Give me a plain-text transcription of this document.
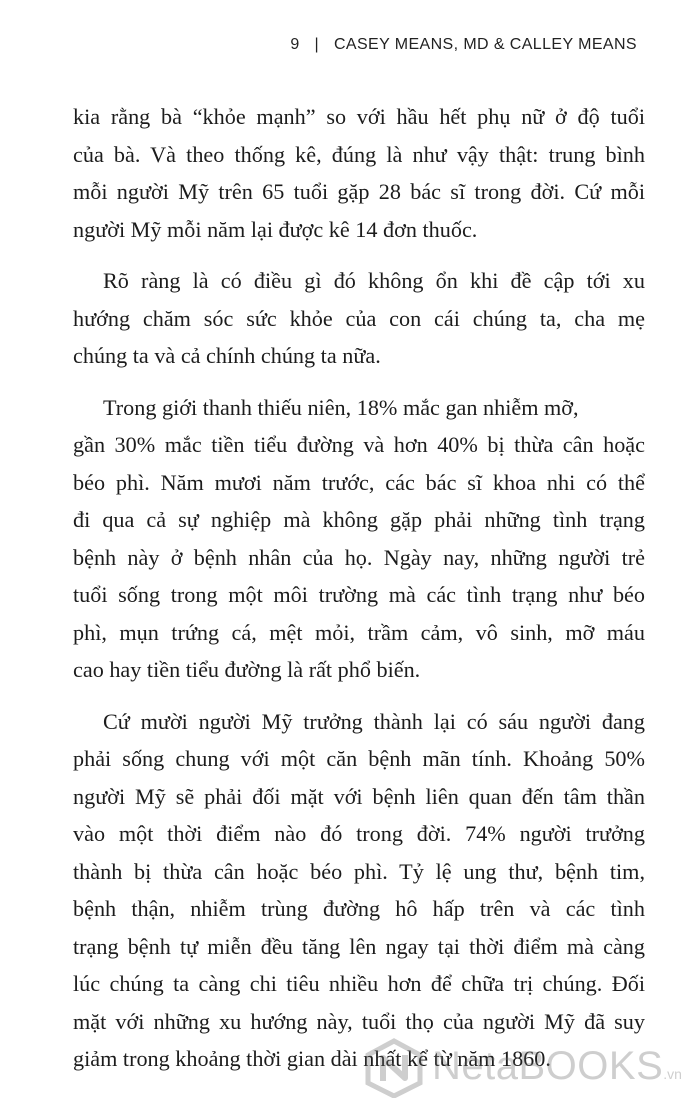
9 | CASEY MEANS, MD & CALLEY MEANS
kia rằng bà “khỏe mạnh” so với hầu hết phụ nữ ở độ tuổi
của bà. Và theo thống kê, đúng là như vậy thật: trung bình
mỗi người Mỹ trên 65 tuổi gặp 28 bác sĩ trong đời. Cứ mỗi
người Mỹ mỗi năm lại được kê 14 đơn thuốc.
Rõ ràng là có điều gì đó không ổn khi đề cập tới xu
hướng chăm sóc sức khỏe của con cái chúng ta, cha mẹ
chúng ta và cả chính chúng ta nữa.
Trong giới thanh thiếu niên, 18% mắc gan nhiễm mỡ,
gần 30% mắc tiền tiểu đường và hơn 40% bị thừa cân hoặc
béo phì. Năm mươi năm trước, các bác sĩ khoa nhi có thể
đi qua cả sự nghiệp mà không gặp phải những tình trạng
bệnh này ở bệnh nhân của họ. Ngày nay, những người trẻ
tuổi sống trong một môi trường mà các tình trạng như béo
phì, mụn trứng cá, mệt mỏi, trầm cảm, vô sinh, mỡ máu
cao hay tiền tiểu đường là rất phổ biến.
Cứ mười người Mỹ trưởng thành lại có sáu người đang
phải sống chung với một căn bệnh mãn tính. Khoảng 50%
người Mỹ sẽ phải đối mặt với bệnh liên quan đến tâm thần
vào một thời điểm nào đó trong đời. 74% người trưởng
thành bị thừa cân hoặc béo phì. Tỷ lệ ung thư, bệnh tim,
bệnh thận, nhiễm trùng đường hô hấp trên và các tình
trạng bệnh tự miễn đều tăng lên ngay tại thời điểm mà càng
lúc chúng ta càng chi tiêu nhiều hơn để chữa trị chúng. Đối
mặt với những xu hướng này, tuổi thọ của người Mỹ đã suy
giảm trong khoảng thời gian dài nhất kể từ năm 1860.
NetaBOOKS.vn
